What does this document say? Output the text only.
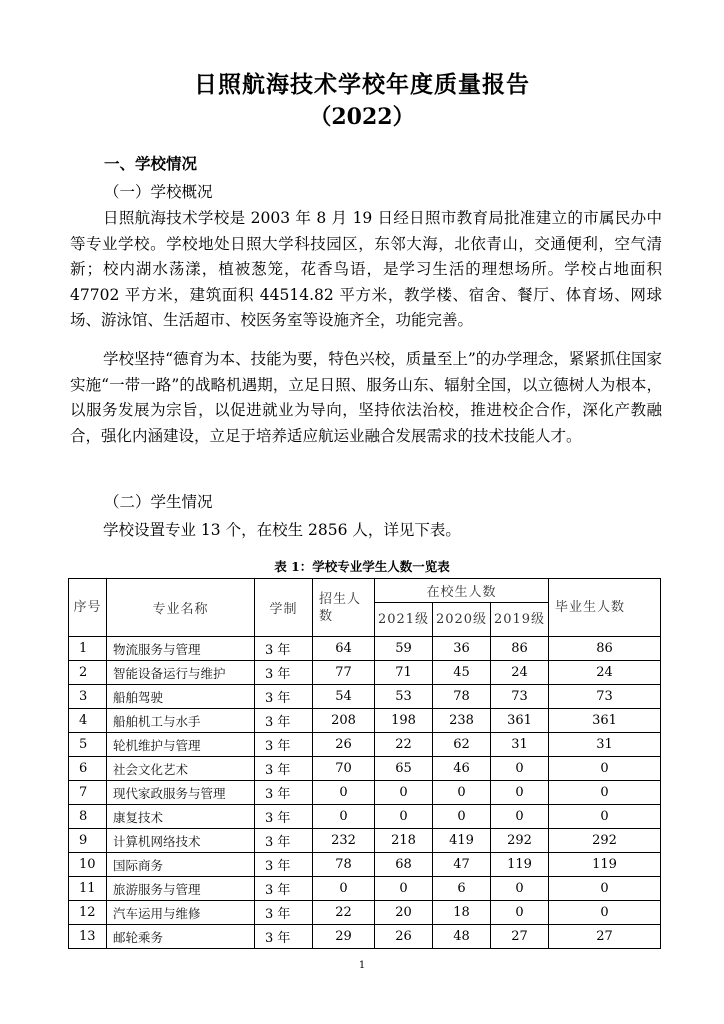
日照航海技术学校年度质量报告
（2022）
一、学校情况
（一）学校概况

日照航海技术学校是 2003 年 8 月 19 日经日照市教育局批准建立的市属民办中等专业学校。学校地处日照大学科技园区，东邻大海，北依青山，交通便利，空气清新；校内湖水荡漾，植被葱笼，花香鸟语，是学习生活的理想场所。学校占地面积 47702 平方米，建筑面积 44514.82 平方米，教学楼、宿舍、餐厅、体育场、网球场、游泳馆、生活超市、校医务室等设施齐全，功能完善。

学校坚持“德育为本、技能为要，特色兴校，质量至上”的办学理念，紧紧抓住国家实施“一带一路”的战略机遇期，立足日照、服务山东、辐射全国，以立德树人为根本，以服务发展为宗旨，以促进就业为导向，坚持依法治校，推进校企合作，深化产教融合，强化内涵建设，立足于培养适应航运业融合发展需求的技术技能人才。

（二）学生情况

学校设置专业 13 个，在校生 2856 人，详见下表。

表 1：学校专业学生人数一览表
序号	专业名称	学制	招生人数	在校生人数			毕业生人数
				2021级	2020级	2019级	
1	物流服务与管理	3 年	64	59	36	86	86
2	智能设备运行与维护	3 年	77	71	45	24	24
3	船舶驾驶	3 年	54	53	78	73	73
4	船舶机工与水手	3 年	208	198	238	361	361
5	轮机维护与管理	3 年	26	22	62	31	31
6	社会文化艺术	3 年	70	65	46	0	0
7	现代家政服务与管理	3 年	0	0	0	0	0
8	康复技术	3 年	0	0	0	0	0
9	计算机网络技术	3 年	232	218	419	292	292
10	国际商务	3 年	78	68	47	119	119
11	旅游服务与管理	3 年	0	0	6	0	0
12	汽车运用与维修	3 年	22	20	18	0	0
13	邮轮乘务	3 年	29	26	48	27	27
1
